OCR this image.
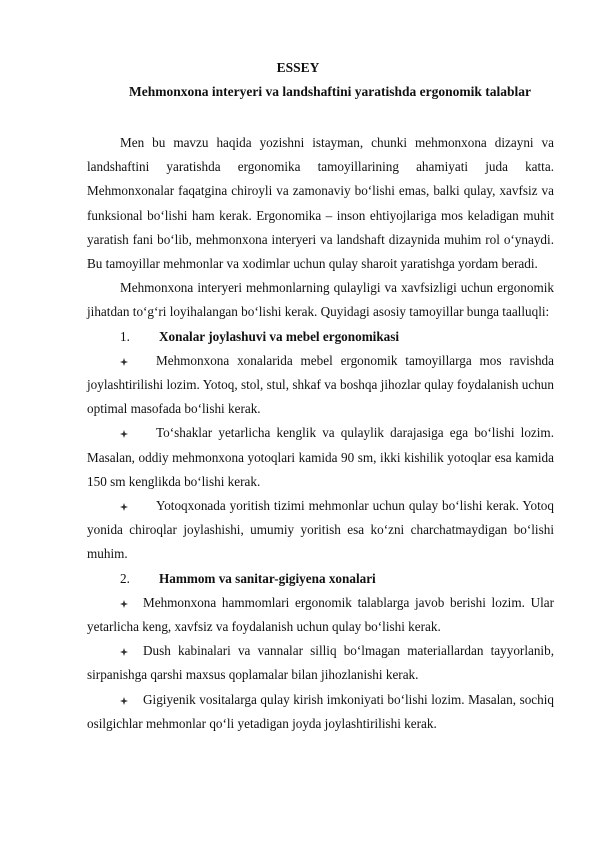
ESSEY

Mehmonxona interyeri va landshaftini yaratishda ergonomik talablar

Men bu mavzu haqida yozishni istayman, chunki mehmonxona dizayni va landshaftini yaratishda ergonomika tamoyillarining ahamiyati juda katta. Mehmonxonalar faqatgina chiroyli va zamonaviy bo‘lishi emas, balki qulay, xavfsiz va funksional bo‘lishi ham kerak. Ergonomika – inson ehtiyojlariga mos keladigan muhit yaratish fani bo‘lib, mehmonxona interyeri va landshaft dizaynida muhim rol o‘ynaydi. Bu tamoyillar mehmonlar va xodimlar uchun qulay sharoit yaratishga yordam beradi.

Mehmonxona interyeri mehmonlarning qulayligi va xavfsizligi uchun ergonomik jihatdan to‘g‘ri loyihalangan bo‘lishi kerak. Quyidagi asosiy tamoyillar bunga taalluqli:

1.	Xonalar joylashuvi va mebel ergonomikasi

Mehmonxona xonalarida mebel ergonomik tamoyillarga mos ravishda joylashtirilishi lozim. Yotoq, stol, stul, shkaf va boshqa jihozlar qulay foydalanish uchun optimal masofada bo‘lishi kerak.

To‘shaklar yetarlicha kenglik va qulaylik darajasiga ega bo‘lishi lozim. Masalan, oddiy mehmonxona yotoqlari kamida 90 sm, ikki kishilik yotoqlar esa kamida 150 sm kenglikda bo‘lishi kerak.

Yotoqxonada yoritish tizimi mehmonlar uchun qulay bo‘lishi kerak. Yotoq yonida chiroqlar joylashishi, umumiy yoritish esa ko‘zni charchatmaydigan bo‘lishi muhim.

2.	Hammom va sanitar-gigiyena xonalari

Mehmonxona hammomlari ergonomik talablarga javob berishi lozim. Ular yetarlicha keng, xavfsiz va foydalanish uchun qulay bo‘lishi kerak.

Dush kabinalari va vannalar silliq bo‘lmagan materiallardan tayyorlanib, sirpanishga qarshi maxsus qoplamalar bilan jihozlanishi kerak.

Gigiyenik vositalarga qulay kirish imkoniyati bo‘lishi lozim. Masalan, sochiq osilgichlar mehmonlar qo‘li yetadigan joyda joylashtirilishi kerak.
